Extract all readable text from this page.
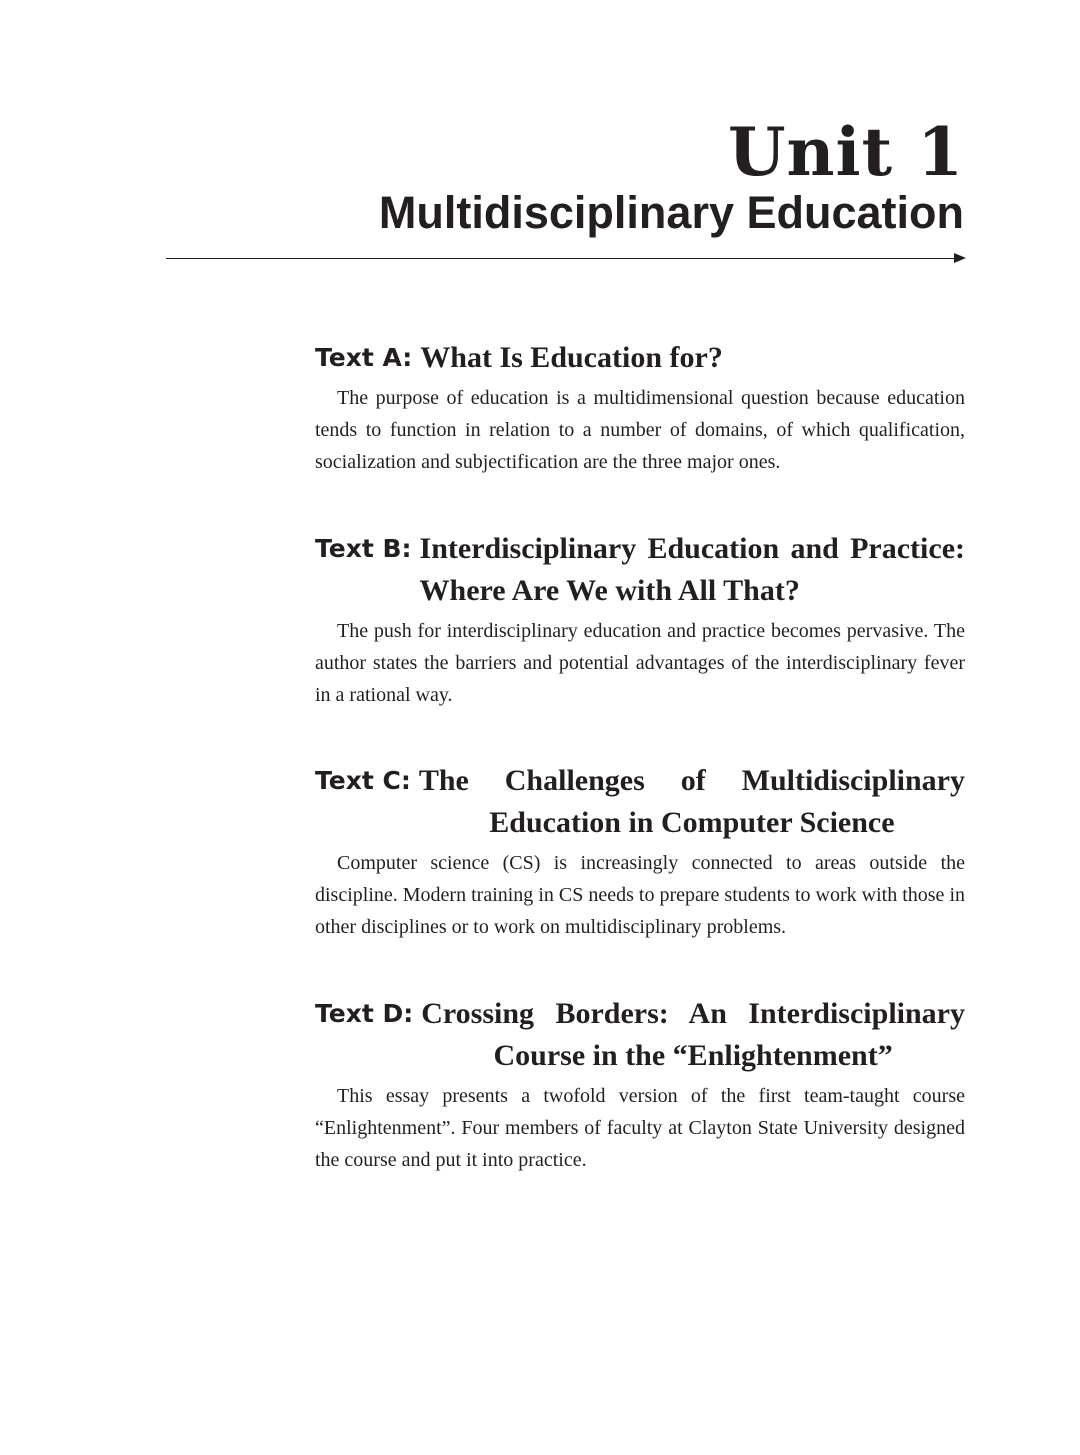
Unit 1
Multidisciplinary Education
Text A: What Is Education for?

The purpose of education is a multidimensional question because education tends to function in relation to a number of domains, of which qualification, socialization and subjectification are the three major ones.

Text B: Interdisciplinary Education and Practice: Where Are We with All That?

The push for interdisciplinary education and practice becomes pervasive. The author states the barriers and potential advantages of the interdisciplinary fever in a rational way.

Text C: The Challenges of Multidisciplinary Education in Computer Science

Computer science (CS) is increasingly connected to areas outside the discipline. Modern training in CS needs to prepare students to work with those in other disciplines or to work on multidisciplinary problems.

Text D: Crossing Borders: An Interdisciplinary Course in the “Enlightenment”

This essay presents a twofold version of the first team-taught course “Enlightenment”. Four members of faculty at Clayton State University designed the course and put it into practice.
